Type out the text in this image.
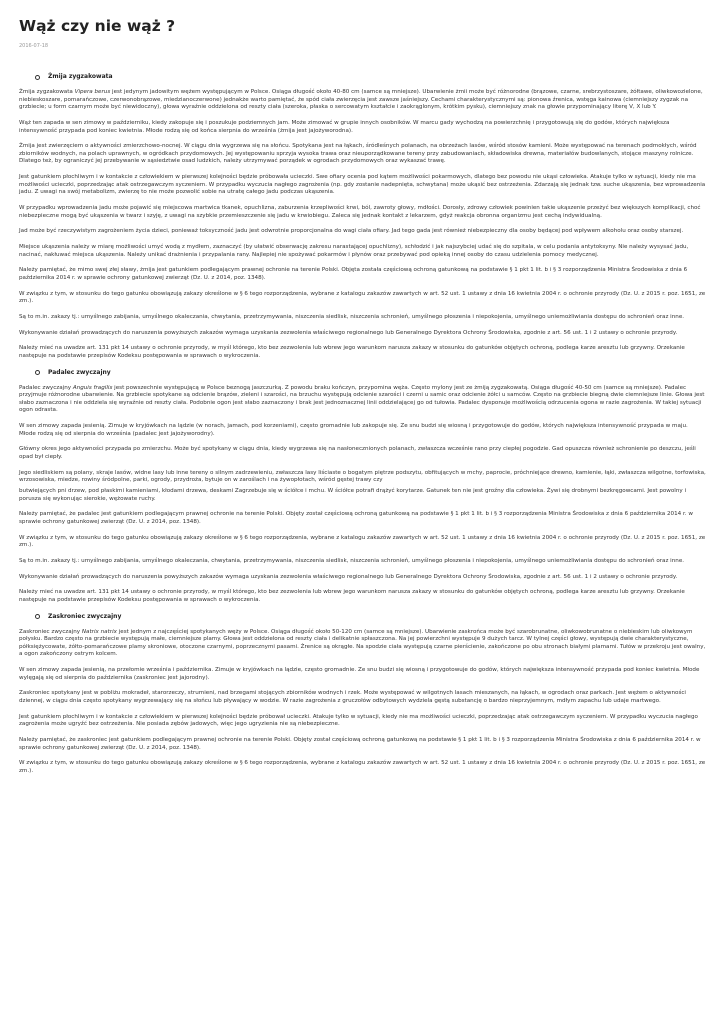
Wąż czy nie wąż ?
2016-07-18
Żmija zygzakowata

Żmija zygzakowata Vipera berus jest jedynym jadowitym wężem występującym w Polsce. Osiąga długość około 40-80 cm (samce są mniejsze). Ubarwienie żmii może być różnorodne (brązowe, czarne, srebrzystoszare, żółtawe, oliwkowozielone, niebieskoszare, pomarańczowe, czerwonobrązowe, miedzianoczerwone) jednakże warto pamiętać, że spód ciała zwierzęcia jest zawsze jaśniejszy. Cechami charakterystycznymi są: pionowa źrenica, wstęga kainowa (ciemniejszy zygzak na grzbiecie; u form czarnym może być niewidoczny), głowa wyraźnie oddzielona od reszty ciała (szeroka, płaska o sercowatym kształcie i zaokrąglonym, krótkim pysku), ciemniejszy znak na głowie przypominający literę V, X lub Y.

Wąż ten zapada w sen zimowy w październiku, kiedy zakopuje się i poszukuje podziemnych jam. Może zimować w grupie innych osobników. W marcu gady wychodzą na powierzchnię i przygotowują się do godów, których największa intensywność przypada pod koniec kwietnia. Młode rodzą się od końca sierpnia do września (żmija jest jajożyworodna).

Żmija jest zwierzęciem o aktywności zmierzchowo-nocnej. W ciągu dnia wygrzewa się na słońcu. Spotykana jest na łąkach, śródleśnych polanach, na obrzeżach lasów, wśród stosów kamieni. Może występować na terenach podmokłych, wśród zbiorników wodnych, na polach uprawnych, w ogródkach przydomowych. Jej występowaniu sprzyja wysoka trawa oraz nieuporządkowane tereny przy zabudowaniach, składowiska drewna, materiałów budowlanych, stojące maszyny rolnicze. Dlatego też, by ograniczyć jej przebywanie w sąsiedztwie osad ludzkich, należy utrzymywać porządek w ogrodach przydomowych oraz wykaszać trawę.

Jest gatunkiem płochliwym i w kontakcie z człowiekiem w pierwszej kolejności będzie próbowała ucieczki. Swe ofiary oceniа pod kątem możliwości pokarmowych, dlatego bez powodu nie ukąsi człowieka. Atakuje tylko w sytuacji, kiedy nie ma możliwości ucieczki, poprzedzając atak ostrzegawczym syczeniem. W przypadku wyczucia nagłego zagrożenia (np. gdy zostanie nadepnięta, schwytana) może ukąsić bez ostrzeżenia. Zdarzają się jednak tzw. suche ukąszenia, bez wprowadzenia jadu. Z uwagi na swój metabolizm, zwierzę to nie może pozwolić sobie na utratę całego jadu podczas ukąszenia.

W przypadku wprowadzenia jadu może pojawić się miejscowa martwica tkanek, opuchlizna, zaburzenia krzepliwości krwi, ból, zawroty głowy, mdłości. Dorosły, zdrowy człowiek powinien takie ukąszenie przeżyć bez większych komplikacji, choć niebezpieczne mogą być ukąszenia w twarz i szyję, z uwagi na szybkie przemieszczenie się jadu w krwiobiegu. Zaleca się jednak kontakt z lekarzem, gdyż reakcja obronna organizmu jest cechą indywidualną.

Jad może być rzeczywistym zagrożeniem życia dzieci, ponieważ toksyczność jadu jest odwrotnie proporcjonalna do wagi ciała ofiary. Jad tego gada jest również niebezpieczny dla osoby będącej pod wpływem alkoholu oraz osoby starszej.

Miejsce ukąszenia należy w miarę możliwości umyć wodą z mydłem, zaznaczyć (by ułatwić obserwację zakresu narastającej opuchlizny), schłodzić i jak najszybciej udać się do szpitala, w celu podania antytoksyny. Nie należy wysysać jadu, nacinać, nakłuwać miejsca ukąszenia. Należy unikać drażnienia i przypalania rany. Najlepiej nie spożywać pokarmów i płynów oraz przebywać pod opieką innej osoby do czasu udzielenia pomocy medycznej.

Należy pamiętać, że mimo swej złej sławy, żmija jest gatunkiem podlegającym prawnej ochronie na terenie Polski. Objęta została częściową ochroną gatunkową na podstawie § 1 pkt 1 lit. b i § 3 rozporządzenia Ministra Środowiska z dnia 6 października 2014 r. w sprawie ochrony gatunkowej zwierząt (Dz. U. z 2014, poz. 1348).

W związku z tym, w stosunku do tego gatunku obowiązują zakazy określone w § 6 tego rozporządzenia, wybrane z katalogu zakazów zawartych w art. 52 ust. 1 ustawy z dnia 16 kwietnia 2004 r. o ochronie przyrody (Dz. U. z 2015 r. poz. 1651, ze zm.).

Są to m.in. zakazy tj.: umyślnego zabijania, umyślnego okaleczania, chwytania, przetrzymywania, niszczenia siedlisk, niszczenia schronień, umyślnego płoszenia i niepokojenia, umyślnego uniemożliwiania dostępu do schronień oraz inne.

Wykonywanie działań prowadzących do naruszenia powyższych zakazów wymaga uzyskania zezwolenia właściwego regionalnego lub Generalnego Dyrektora Ochrony Środowiska, zgodnie z art. 56 ust. 1 i 2 ustawy o ochronie przyrody.

Należy mieć na uwadze art. 131 pkt 14 ustawy o ochronie przyrody, w myśl którego, kto bez zezwolenia lub wbrew jego warunkom narusza zakazy w stosunku do gatunków objętych ochroną, podlega karze aresztu lub grzywny. Orzekanie następuje na podstawie przepisów Kodeksu postępowania w sprawach o wykroczenia.

Padalec zwyczajny

Padalec zwyczajny Anguis fragilis jest powszechnie występującą w Polsce beznogą jaszczurką. Z powodu braku kończyn, przypomina węża. Często mylony jest ze żmiją zygzakowatą. Osiąga długość 40-50 cm (samce są mniejsze). Padalec przyjmuje różnorodne ubarwienie. Na grzbiecie spotykane są odcienie brązów, zieleni i szarości, na brzuchu występują odcienie szarości i czerni u samic oraz odcienie żółci u samców. Często na grzbiecie biegną dwie ciemniejsze linie. Głowa jest słabo zaznaczona i nie oddziela się wyraźnie od reszty ciała. Podobnie ogon jest słabo zaznaczony i brak jest jednoznacznej linii oddzielającej go od tułowia. Padalec dysponuje możliwością odrzucenia ogona w razie zagrożenia. W takiej sytuacji ogon odrasta.

W sen zimowy zapada jesienią. Zimuje w kryjówkach na lądzie (w norach, jamach, pod korzeniami), często gromadnie lub zakopuje się. Ze snu budzi się wiosną i przygotowuje do godów, których największa intensywność przypada w maju. Młode rodzą się od sierpnia do września (padalec jest jajożyworodny).

Główny okres jego aktywności przypada po zmierzchu. Może być spotykany w ciągu dnia, kiedy wygrzewa się na nasłonecznionych polanach, zwłaszcza wcześnie rano przy ciepłej pogodzie. Gad opuszcza również schronienie po deszczu, jeśli opad był ciepły.

Jego siedliskiem są polany, skraje lasów, widne lasy lub inne tereny o silnym zadrzewieniu, zwłaszcza lasy liściaste o bogatym piętrze podszytu, obfitujących w mchy, paprocie, próchniejące drewno, kamienie, łąki, zwłaszcza wilgotne, torfowiska, wrzosowiska, miedze, rowiny śródpolne, parki, ogrody, przydroża, bytuje on w zaroślach i na żywopłotach, wśród gęstej trawy czy

butwiejących pni drzew, pod płaskimi kamieniami, kłodami drzewa, deskami Zagrzebuje się w ściółce i mchu. W ściółce potrafi drążyć korytarze. Gatunek ten nie jest groźny dla człowieka. Żywi się drobnymi bezkręgowcami. Jest powolny i porusza się wykonując sierokie, wężowate ruchy.

Należy pamiętać, że padalec jest gatunkiem podlegającym prawnej ochronie na terenie Polski. Objęty został częściową ochroną gatunkową na podstawie § 1 pkt 1 lit. b i § 3 rozporządzenia Ministra Środowiska z dnia 6 października 2014 r. w sprawie ochrony gatunkowej zwierząt (Dz. U. z 2014, poz. 1348).

W związku z tym, w stosunku do tego gatunku obowiązują zakazy określone w § 6 tego rozporządzenia, wybrane z katalogu zakazów zawartych w art. 52 ust. 1 ustawy z dnia 16 kwietnia 2004 r. o ochronie przyrody (Dz. U. z 2015 r. poz. 1651, ze zm.).

Są to m.in. zakazy tj.: umyślnego zabijania, umyślnego okaleczania, chwytania, przetrzymywania, niszczenia siedlisk, niszczenia schronień, umyślnego płoszenia i niepokojenia, umyślnego uniemożliwiania dostępu do schronień oraz inne.

Wykonywanie działań prowadzących do naruszenia powyższych zakazów wymaga uzyskania zezwolenia właściwego regionalnego lub Generalnego Dyrektora Ochrony Środowiska, zgodnie z art. 56 ust. 1 i 2 ustawy o ochronie przyrody.

Należy mieć na uwadze art. 131 pkt 14 ustawy o ochronie przyrody, w myśl którego, kto bez zezwolenia lub wbrew jego warunkom narusza zakazy w stosunku do gatunków objętych ochroną, podlega karze aresztu lub grzywny. Orzekanie następuje na podstawie przepisów Kodeksu postępowania w sprawach o wykroczenia.

Zaskroniec zwyczajny

Zaskroniec zwyczajny Natrix natrix jest jednym z najczęściej spotykanych węży w Polsce. Osiąga długość około 50-120 cm (samce są mniejsze). Ubarwienie zaskrońca może być szarobrunatne, oliwkowobrunatne o niebieskim lub oliwkowym połysku. Bardzo często na grzbiecie występują małe, ciemniejsze plamy. Głowa jest oddzielona od reszty ciała i delikatnie spłaszczona. Na jej powierzchni występuje 9 dużych tarcz. W tylnej części głowy, występują dwie charakterystyczne, półksiężycowate, żółto-pomarańczowe plamy skroniowe, otoczone czarnymi, poprzecznymi pasami. Źrenice są okrągłe. Na spodzie ciała występują czarne pierścienie, zakończone po obu stronach białymi plamami. Tułów w przekroju jest owalny, a ogon zakończony ostrym kolcem.

W sen zimowy zapada jesienią, na przełomie września i października. Zimuje w kryjówkach na lądzie, często gromadnie. Ze snu budzi się wiosną i przygotowuje do godów, których największa intensywność przypada pod koniec kwietnia. Młode wylęgają się od sierpnia do października (zaskroniec jest jajorodny).

Zaskroniec spotykany jest w pobliżu mokradeł, starorzeczy, strumieni, nad brzegami stojących zbiorników wodnych i rzek. Może występować w wilgotnych lasach mieszanych, na łąkach, w ogrodach oraz parkach. Jest wężem o aktywności dziennej, w ciągu dnia często spotykany wygrzewający się na słońcu lub pływający w wodzie. W razie zagrożenia z gruczołów odbytowych wydziela gęstą substancję o bardzo nieprzyjemnym, mdłym zapachu lub udaje martwego.

Jest gatunkiem płochliwym i w kontakcie z człowiekiem w pierwszej kolejności będzie próbował ucieczki. Atakuje tylko w sytuacji, kiedy nie ma możliwości ucieczki, poprzedzając atak ostrzegawczym syczeniem. W przypadku wyczucia nagłego zagrożenia może ugryźć bez ostrzeżenia. Nie posiada zębów jadowych, więc jego ugryzienia nie są niebezpieczne.

Należy pamiętać, że zaskroniec jest gatunkiem podlegającym prawnej ochronie na terenie Polski. Objęty został częściową ochroną gatunkową na podstawie § 1 pkt 1 lit. b i § 3 rozporządzenia Ministra Środowiska z dnia 6 października 2014 r. w sprawie ochrony gatunkowej zwierząt (Dz. U. z 2014, poz. 1348).

W związku z tym, w stosunku do tego gatunku obowiązują zakazy określone w § 6 tego rozporządzenia, wybrane z katalogu zakazów zawartych w art. 52 ust. 1 ustawy z dnia 16 kwietnia 2004 r. o ochronie przyrody (Dz. U. z 2015 r. poz. 1651, ze zm.).
